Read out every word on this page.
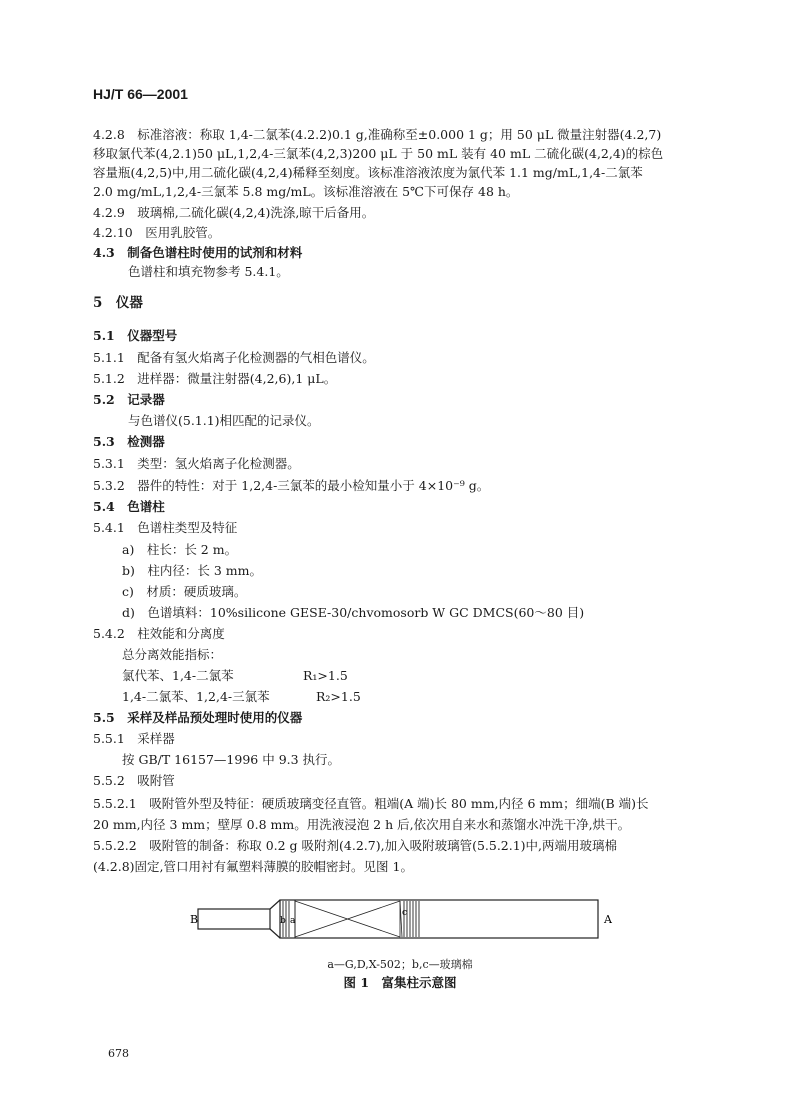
HJ/T 66—2001
4.2.8　标准溶液：称取 1,4-二氯苯(4.2.2)0.1 g,准确称至±0.000 1 g；用 50 μL 微量注射器(4.2,7)
移取氯代苯(4,2.1)50 μL,1,2,4-三氯苯(4,2,3)200 μL 于 50 mL 装有 40 mL 二硫化碳(4,2,4)的棕色
容量瓶(4,2,5)中,用二硫化碳(4,2,4)稀释至刻度。该标准溶液浓度为氯代苯 1.1 mg/mL,1,4-二氯苯
2.0 mg/mL,1,2,4-三氯苯 5.8 mg/mL。该标准溶液在 5℃下可保存 48 h。
4.2.9　玻璃棉,二硫化碳(4,2,4)洗涤,晾干后备用。
4.2.10　医用乳胶管。
4.3　制备色谱柱时使用的试剂和材料
色谱柱和填充物参考 5.4.1。
5　仪器
5.1　仪器型号
5.1.1　配备有氢火焰离子化检测器的气相色谱仪。
5.1.2　进样器：微量注射器(4,2,6),1 μL。
5.2　记录器
与色谱仪(5.1.1)相匹配的记录仪。
5.3　检测器
5.3.1　类型：氢火焰离子化检测器。
5.3.2　器件的特性：对于 1,2,4-三氯苯的最小检知量小于 4×10⁻⁹ g。
5.4　色谱柱
5.4.1　色谱柱类型及特征
a)　柱长：长 2 m。
b)　柱内径：长 3 mm。
c)　材质：硬质玻璃。
d)　色谱填料：10%silicone GESE-30/chvomosorb W GC DMCS(60～80 目)
5.4.2　柱效能和分离度
总分离效能指标：
氯代苯、1,4-二氯苯	R₁>1.5
1,4-二氯苯、1,2,4-三氯苯	R₂>1.5
5.5　采样及样品预处理时使用的仪器
5.5.1　采样器
按 GB/T 16157—1996 中 9.3 执行。
5.5.2　吸附管
5.5.2.1　吸附管外型及特征：硬质玻璃变径直管。粗端(A 端)长 80 mm,内径 6 mm；细端(B 端)长
20 mm,内径 3 mm；壁厚 0.8 mm。用洗液浸泡 2 h 后,依次用自来水和蒸馏水冲洗干净,烘干。
5.5.2.2　吸附管的制备：称取 0.2 g 吸附剂(4.2.7),加入吸附玻璃管(5.5.2.1)中,两端用玻璃棉
(4.2.8)固定,管口用衬有氟塑料薄膜的胶帽密封。见图 1。
B	b a
c	A
a—G,D,X-502；b,c—玻璃棉
图 1　富集柱示意图
678
